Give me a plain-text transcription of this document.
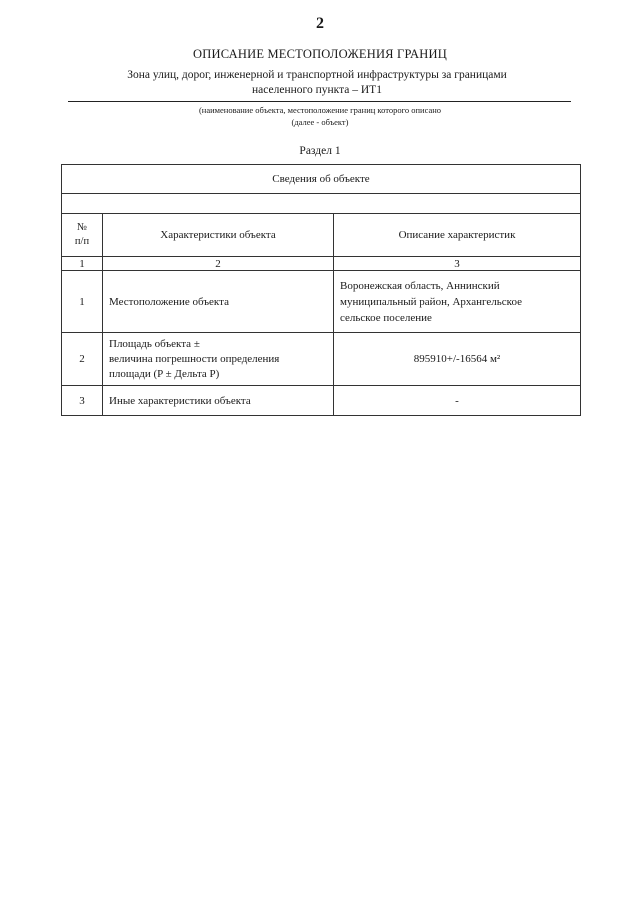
2
ОПИСАНИЕ МЕСТОПОЛОЖЕНИЯ ГРАНИЦ
Зона улиц, дорог, инженерной и транспортной инфраструктуры за границами
населенного пункта – ИТ1
(наименование объекта, местоположение границ которого описано
(далее - объект)
Раздел 1
Сведения об объекте		

№
п/п	Характеристики объекта	Описание характеристик
1	2	3
1	Местоположение объекта	Воронежская область, Аннинский
муниципальный район, Архангельское
сельское поселение

2	Площадь объекта ±
величина погрешности определения
площади (P ± Дельта P)	895910+/-16564 м²
3	Иные характеристики объекта	-
